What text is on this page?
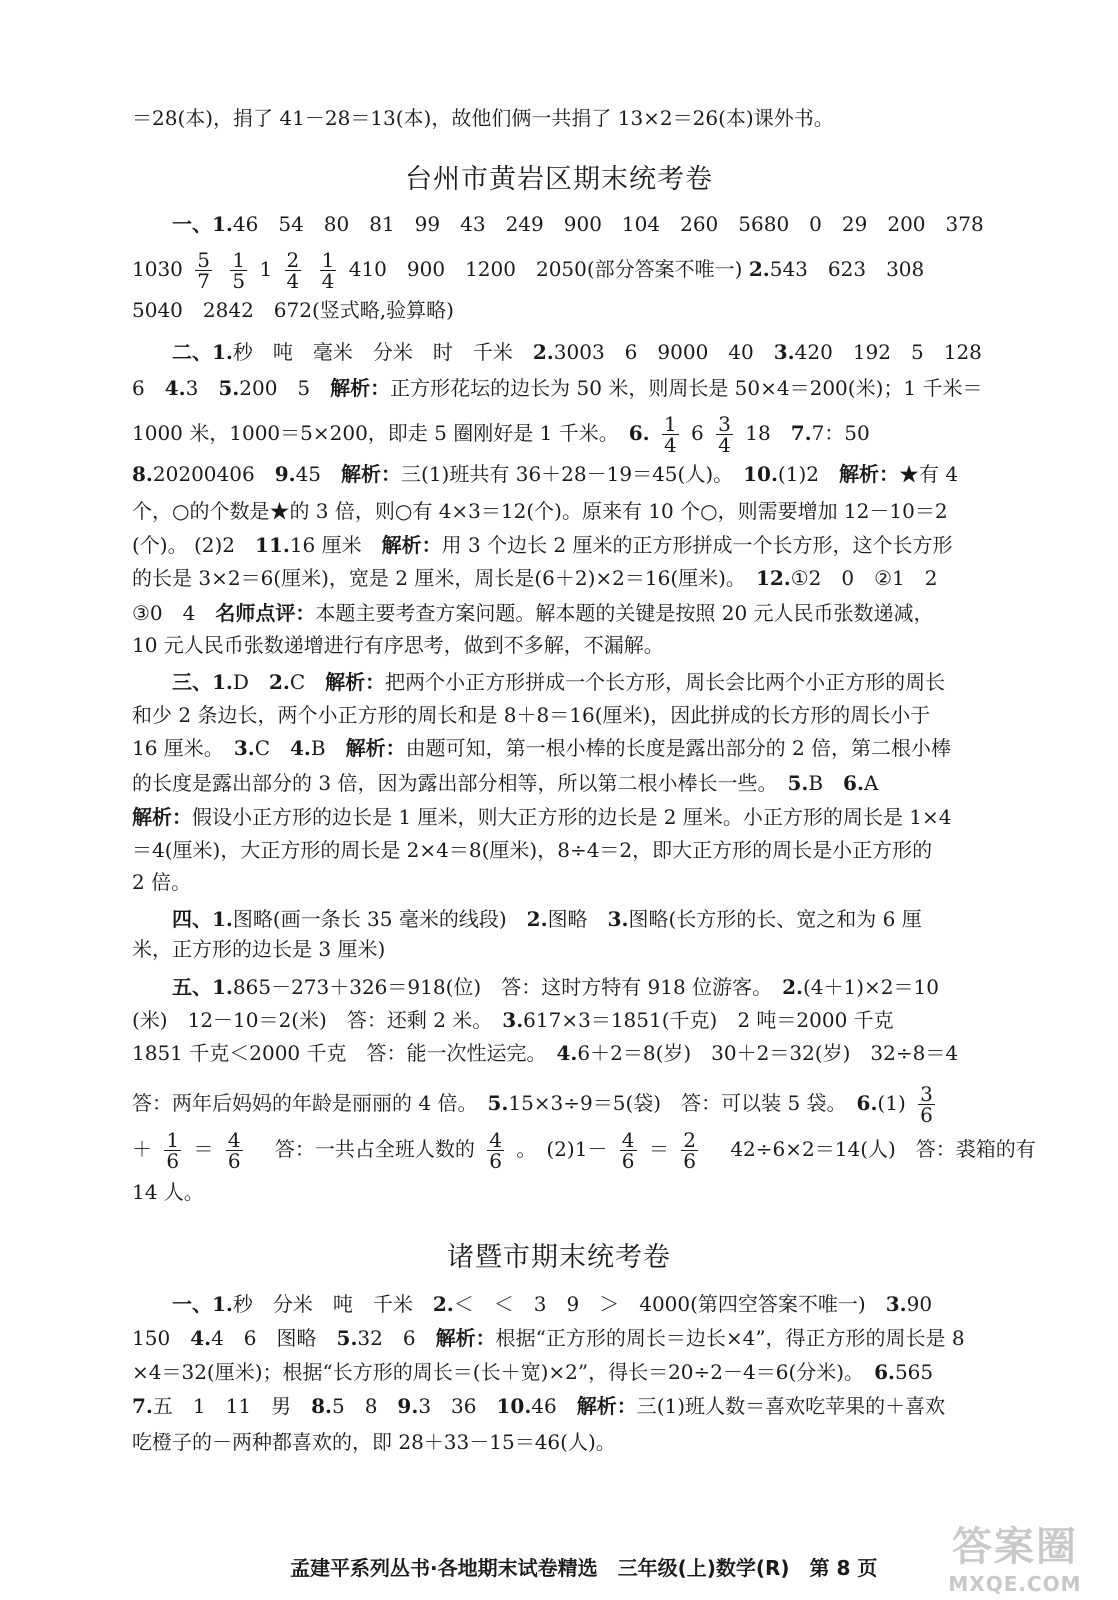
＝28(本)，捐了 41－28＝13(本)，故他们俩一共捐了 13×2＝26(本)课外书。
台州市黄岩区期末统考卷
一、1.46　54　80　81　99　43　249　900　104　260　5680　0　29　200　378
$1030 \frac{5}{7}$
$\frac{1}{5} 1 \frac{2}{4}$
$\frac{1}{4} 410$　900　1200　2050(部分答案不唯一) 2.543　623　308
5040　2842　672(竖式略,验算略)
二、1.秒　吨　毫米　分米　时　千米　 2.3003　6　9000　40　 3.420　192　5　128
6　 4.3　 5.200　5　 解析：正方形花坛的边长为 50 米，则周长是 50×4＝200(米)；1 千米＝
1000 米，1000＝5×200，即走 5 圈刚好是 1 千米。　 6. $\frac{1}{4} 6 \frac{3}{4} 18$　 7.7：50
8.20200406　 9.45　 解析：三(1)班共有 36＋28－19＝45(人)。　 10.(1)2　 解析：★有 4
个，○的个数是★的 3 倍，则○有 4×3＝12(个)。原来有 10 个○，则需要增加 12－10＝2
(个)。 (2)2　 11.16 厘米　 解析：用 3 个边长 2 厘米的正方形拼成一个长方形，这个长方形
的长是 3×2＝6(厘米)，宽是 2 厘米，周长是(6＋2)×2＝16(厘米)。　 12.①2　0　②1　2
③0　4　 名师点评：本题主要考查方案问题。解本题的关键是按照 20 元人民币张数递减，
10 元人民币张数递增进行有序思考，做到不多解，不漏解。
三、1.D　 2.C　 解析：把两个小正方形拼成一个长方形，周长会比两个小正方形的周长
和少 2 条边长，两个小正方形的周长和是 8＋8＝16(厘米)，因此拼成的长方形的周长小于
16 厘米。　 3.C　 4.B　 解析：由题可知，第一根小棒的长度是露出部分的 2 倍，第二根小棒
的长度是露出部分的 3 倍，因为露出部分相等，所以第二根小棒长一些。　 5.B　 6.A
解析：假设小正方形的边长是 1 厘米，则大正方形的边长是 2 厘米。小正方形的周长是 1×4
＝4(厘米)，大正方形的周长是 2×4＝8(厘米)，8÷4＝2，即大正方形的周长是小正方形的
2 倍。
四、1.图略(画一条长 35 毫米的线段)　 2.图略　 3.图略(长方形的长、宽之和为 6 厘
米，正方形的边长是 3 厘米)
五、1.865－273＋326＝918(位)　答：这时方特有 918 位游客。　 2.(4＋1)×2＝10
(米)　12－10＝2(米)　答：还剩 2 米。　 3.617×3＝1851(千克)　2 吨＝2000 千克
1851 千克＜2000 千克　答：能一次性运完。　 4.6＋2＝8(岁)　30＋2＝32(岁)　32÷8＝4
答：两年后妈妈的年龄是丽丽的 4 倍。　 5.15×3÷9＝5(袋)　答：可以装 5 袋。　 $6.(1) \frac{3}{6}$
＋ $\frac{1}{6} = \frac{4}{6}$
　 答：一共占全班人数的 $\frac{4}{6}$ 。　$(2)1- \frac{4}{6} = \frac{2}{6}$
　 42÷6×2＝14(人)　答：裘箱的有
14 人。
诸暨市期末统考卷
一、1.秒　分米　吨　千米　 2.＜　＜　3　9　＞　4000(第四空答案不唯一)　 3.90
150　 4.4　6　图略　 5.32　6　 解析：根据“正方形的周长＝边长×4”，得正方形的周长是 8
×4＝32(厘米)；根据“长方形的周长＝(长＋宽)×2”，得长＝20÷2－4＝6(分米)。　 6.565
7.五　1　11　男　 8.5　8　 9.3　36　 10.46　 解析：三(1)班人数＝喜欢吃苹果的＋喜欢
吃橙子的－两种都喜欢的，即 28＋33－15＝46(人)。
孟建平系列丛书·各地期末试卷精选　三年级(上)数学(R)　第 8 页	答案圈
MXQE.COM
